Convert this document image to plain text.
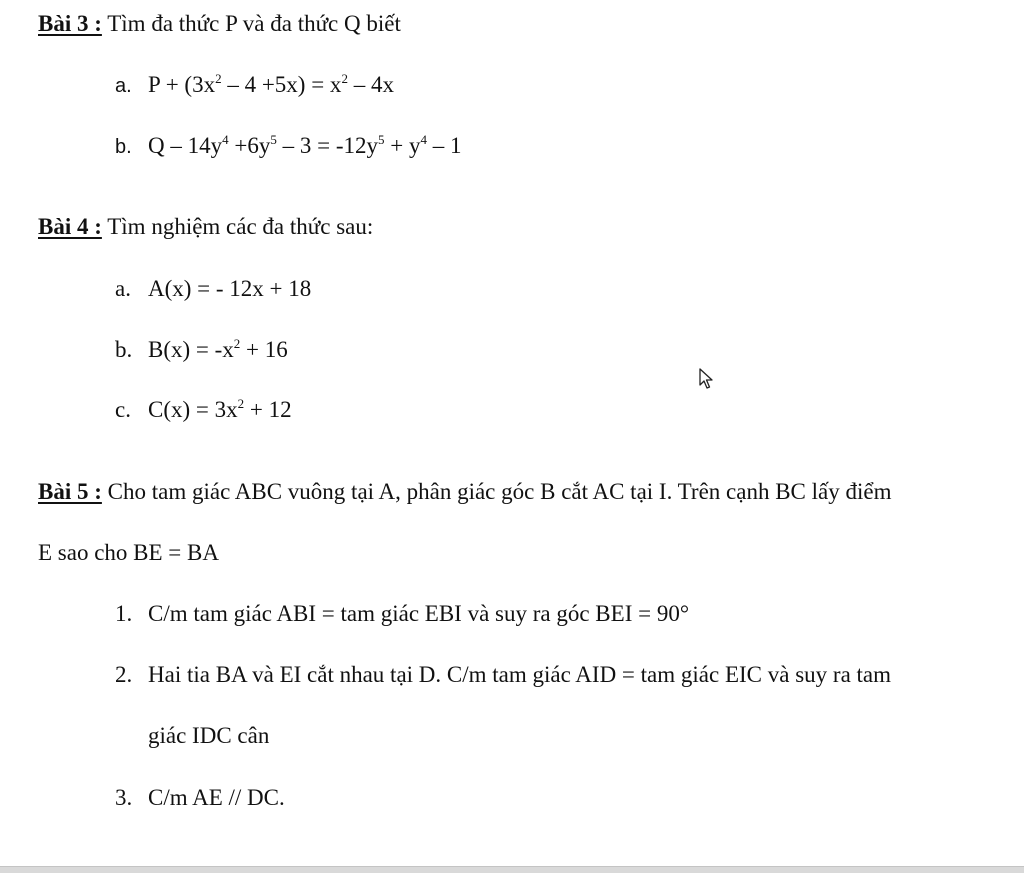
Bài 3 : Tìm đa thức P và đa thức Q biết
a. $P + (3x^2 - 4 +5x) = x^2 - 4x$
b. $Q - 14y^4 +6y^5 - 3 = -12y^5 + y^4 - 1$
Bài 4 : Tìm nghiệm các đa thức sau:
a. A(x) = - 12x + 18
b. $B(x) = -x^2 + 16$
c. $C(x) = 3x^2 + 12$
Bài 5 : Cho tam giác ABC vuông tại A, phân giác góc B cắt AC tại I. Trên cạnh BC lấy điểm
E sao cho BE = BA
1. C/m tam giác ABI = tam giác EBI và suy ra góc BEI = 90°
2. Hai tia BA và EI cắt nhau tại D. C/m tam giác AID = tam giác EIC và suy ra tam
giác IDC cân
3. C/m AE // DC.
